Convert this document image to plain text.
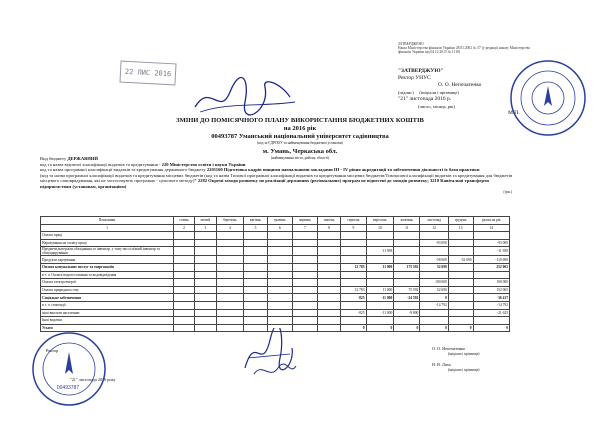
ЗАТВЕРДЖЕНО
Наказ Міністерства фінансів України 28.01.2002 № 57 (у редакції наказу Міністерства
фінансів України від 04.12.2015 № 1118)
22 ЛИС 2016	"ЗАТВЕРДЖУЮ"
Ректор УНУС
О. О. Непочатенко
(підпис) (ініціали і прізвище)
"21" листопада 2016 р.
(число, місяць, рік)
М.П.
ЗМІНИ ДО ПОМІСЯЧНОГО ПЛАНУ ВИКОРИСТАННЯ БЮДЖЕТНИХ КОШТІВ
на 2016 рік
00493787 Уманський національний університет садівництва
(код за ЄДРПОУ та найменування бюджетної установи)
м. Умань, Черкаська обл.
(найменування міста, району, області)
Вид бюджету ДЕРЖАВНИЙ
код та назва відомчої класифікації видатків та кредитування - 220 Міністерство освіти і науки України
код та назва програмної класифікації видатків та кредитування державного бюджету 2201160 Підготовка кадрів вищими навчальними закладами ІІІ - IV рівня акредитації та забезпечення діяльності їх бази практики
(код та назва програмної класифікації видатків та кредитування місцевих бюджетів (код та назва Типової програмної класифікації видатків та кредитування місцевих бюджетів/Тимчасової класифікації видатків та кредитування для бюджетів місцевого самоврядування, які не застосовують програмно - цільового методу)* 2282 Окремі заходи розвитку по реалізації державних (регіональних) програм не віднесені до заходів розвитку; 3210 Капітальні трансферти підприємствам (установам, організаціям)
(грн.)
Показники	січень	лютий	березень	квітень	травень	червень	липень	серпень	вересень	жовтень	листопад	грудень	разом на рік
1	2	3	4	5	6	7	8	9	10	11	12	13	14
Оплата праці													
Нарахування на оплату праці											-93 000		-93 000
Предмети,матеріали,обладнання та інвентар, у тому числі м'який інвентар та обмундирування									-11 958				-11 958
Продукти харчування											-58 000	-52 690	-110 690
Оплата комунальних послуг та енергоносіїв								12 783	11 000	175 592	52 690		252 065
в т. ч. Оплата водопостачання та водовідведення													
Оплата електроенергії											100 000		100 000
Оплата природного газу								12 783	11 000	75 592	52 690		152 065
Соціальне забезпечення								-825	-11 000	-24 592	0		-36 417
в т. ч. стипендії											-14 792		-14 792
інші виплати населенню								-825	-11 000	-9 800			-21 625
Інші видатки													
Усього								0	0	0	0	0	0
Ректор	О. О. Непочатенко
(ініціали і прізвище)
Н. В. Ляха
(ініціали і прізвище)
"21" листопада 2016 року
00493787
